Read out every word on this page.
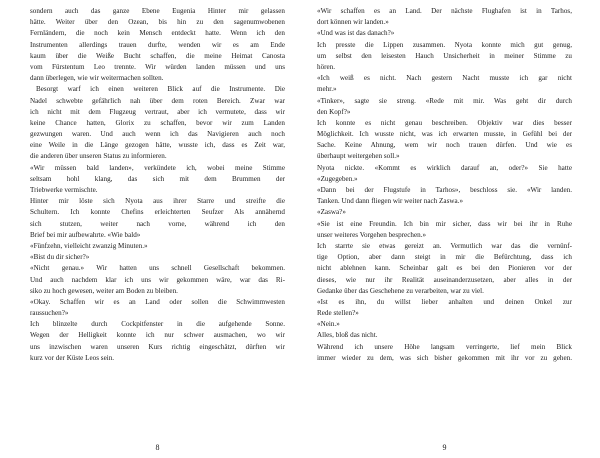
sondern auch das ganze Ebene Eugenia Hinter mir gelassen
hätte. Weiter über den Ozean, bis hin zu den sagenumwobenen
Fernländern, die noch kein Mensch entdeckt hatte. Wenn ich den
Instrumenten allerdings trauen durfte, wenden wir es am Ende
kaum über die Weiße Bucht schaffen, die meine Heimat Canosta
vom Fürstentum Leo trennte. Wir würden landen müssen und uns
dann überlegen, wie wir weitermachen sollten.
Besorgt warf ich einen weiteren Blick auf die Instrumente. Die
Nadel schwebte gefährlich nah über dem roten Bereich. Zwar war
ich nicht mit dem Flugzeug vertraut, aber ich vermutete, dass wir
keine Chance hatten, Glorix zu schaffen, bevor wir zum Landen
gezwungen waren. Und auch wenn ich das Navigieren auch noch
eine Weile in die Länge gezogen hätte, wusste ich, dass es Zeit war,
die anderen über unseren Status zu informieren.
«Wir müssen bald landen», verkündete ich, wobei meine Stimme
seltsam hohl klang, das sich mit dem Brummen der
Triebwerke vermischte.
Hinter mir löste sich Nyota aus ihrer Starre und streifte die
Schultern. Ich konnte Chefins erleichterten Seufzer Als annähernd
sich stutzen, weiter nach vorne, während ich den
Brief bei mir aufbewahrte. «Wie bald»
«Fünfzehn, vielleicht zwanzig Minuten.»
«Bist du dir sicher?»
«Nicht genau.» Wir hatten uns schnell Gesellschaft bekommen.
Und auch nachdem klar ich uns wir gekommen wäre, war das Ri-
siko zu hoch gewesen, weiter am Boden zu bleiben.
«Okay. Schaffen wir es an Land oder sollen die Schwimmwesten
raussuchen?»
Ich blinzelte durch Cockpitfenster in die aufgehende Sonne.
Wegen der Helligkeit konnte ich nur schwer ausmachen, wo wir
uns inzwischen waren unseren Kurs richtig eingeschätzt, dürften wir
kurz vor der Küste Leos sein.
8
«Wir schaffen es an Land. Der nächste Flughafen ist in Tarhos,
dort können wir landen.»
«Und was ist das danach?»
Ich presste die Lippen zusammen. Nyota konnte mich gut genug,
um selbst den leisesten Hauch Unsicherheit in meiner Stimme zu
hören.
«Ich weiß es nicht. Nach gestern Nacht musste ich gar nicht
mehr.»
«Tinker», sagte sie streng. «Rede mit mir. Was geht dir durch
den Kopf?»
Ich konnte es nicht genau beschreiben. Objektiv war dies besser
Möglichkeit. Ich wusste nicht, was ich erwarten musste, in Gefühl bei der
Sache. Keine Ahnung, wem wir noch trauen dürfen. Und wie es
überhaupt weitergehen soll.»
Nyota nickte. «Kommt es wirklich darauf an, oder?» Sie hatte
«Zugegeben.»
«Dann bei der Flugstufe in Tarhos», beschloss sie. «Wir landen.
Tanken. Und dann fliegen wir weiter nach Zaswa.»
«Zaswa?»
«Sie ist eine Freundin. Ich bin mir sicher, dass wir bei ihr in Ruhe
unser weiteres Vorgehen besprechen.»
Ich starrte sie etwas gereizt an. Vermutlich war das die vernünf-
tige Option, aber dann steigt in mir die Befürchtung, dass ich
nicht ablehnen kann. Scheinbar galt es bei den Pionieren vor der
dieses, wie nur ihr Realität auseinanderzusetzen, aber alles in der
Gedanke über das Geschehene zu verarbeiten, war zu viel.
«Ist es ihn, du willst lieber anhalten und deinen Onkel zur
Rede stellen?»
«Nein.»
Alles, bloß das nicht.
Während ich unsere Höhe langsam verringerte, lief mein Blick
immer wieder zu dem, was sich bisher gekommen mit ihr vor zu gehen.
9
